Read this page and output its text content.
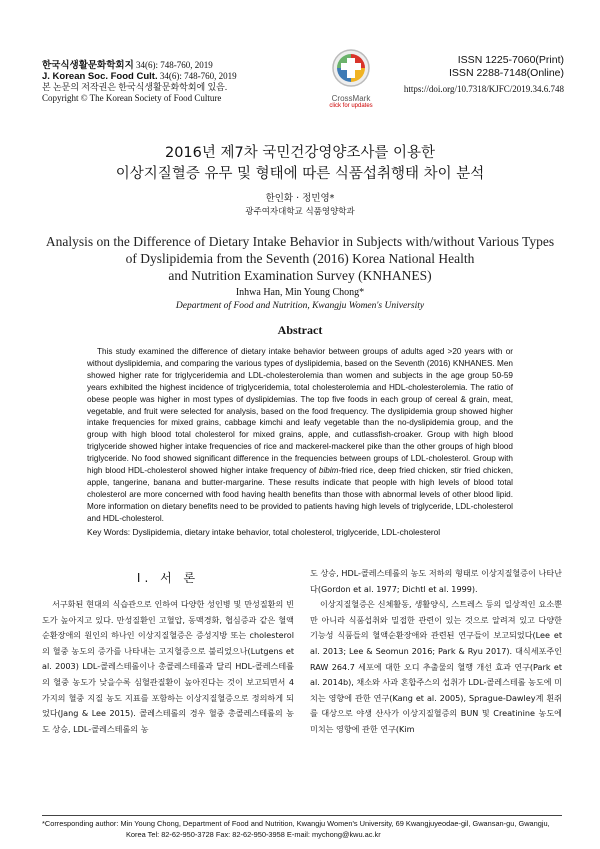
한국식생활문화학회지 34(6): 748-760, 2019
J. Korean Soc. Food Cult. 34(6): 748-760, 2019
본 논문의 저작권은 한국식생활문화학회에 있음.
Copyright © The Korean Society of Food Culture	CrossMark
click for updates
ISSN 1225-7060(Print)
ISSN 2288-7148(Online)
https://doi.org/10.7318/KJFC/2019.34.6.748
2016년 제7차 국민건강영양조사를 이용한
이상지질혈증 유무 및 형태에 따른 식품섭취행태 차이 분석
한인화 · 정민영*
광주여자대학교 식품영양학과
Analysis on the Difference of Dietary Intake Behavior in Subjects with/without Various Types
of Dyslipidemia from the Seventh (2016) Korea National Health
and Nutrition Examination Survey (KNHANES)
Inhwa Han, Min Young Chong*
Department of Food and Nutrition, Kwangju Women's University
Abstract
This study examined the difference of dietary intake behavior between groups of adults aged >20 years with or without dyslipidemia, and comparing the various types of dyslipidemia, based on the Seventh (2016) KNHANES. Men showed higher rate for triglyceridemia and LDL-cholesterolemia than women and subjects in the age group 50-59 years exhibited the highest incidence of triglyceridemia, total cholesterolemia and HDL-cholesterolemia. The ratio of obese people was higher in most types of dyslipidemias. The top five foods in each group of cereal & grain, meat, vegetable, and fruit were selected for analysis, based on the food frequency. The dyslipidemia group showed higher intake frequencies for mixed grains, cabbage kimchi and leafy vegetable than the no-dyslipidemia group, and the group with high blood total cholesterol for mixed grains, apple, and cutlassfish-croaker. Group with high blood triglyceride showed higher intake frequencies of rice and mackerel-mackerel pike than the other groups of high blood triglyceride. No food showed significant difference in the frequencies between groups of LDL-cholesterol. Group with high blood HDL-cholesterol showed higher intake frequency of bibim-fried rice, deep fried chicken, stir fried chicken, apple, tangerine, banana and butter-margarine. These results indicate that people with high levels of blood total cholesterol are more concerned with food having health benefits than those with abnormal levels of other blood lipid. More information on dietary benefits need to be provided to patients having high levels of triglyceride, LDL-cholesterol and HDL-cholesterol.
Key Words: Dyslipidemia, dietary intake behavior, total cholesterol, triglyceride, LDL-cholesterol
I. 서 론

서구화된 현대의 식습관으로 인하여 다양한 성인병 및 만성질환의 빈도가 높아지고 있다. 만성질환인 고혈압, 동맥경화, 협심증과 같은 혈액순환장애의 원인의 하나인 이상지질혈증은 증성지방 또는 cholesterol의 혈중 농도의 증가를 나타내는 고지혈증으로 불리었으나(Lutgens et al. 2003) LDL-콜레스테롤이나 총콜레스테롤과 달리 HDL-콜레스테롤의 혈중 농도가 낮을수록 심혈관질환이 높아진다는 것이 보고되면서 4가지의 혈중 지질 농도 지표를 포함하는 이상지질혈증으로 정의하게 되었다(Jang & Lee 2015). 콜레스테롤의 경우 혈중 총콜레스테롤의 농도 상승, LDL-콜레스테롤의 농

도 상승, HDL-콜레스테롤의 농도 저하의 형태로 이상지질혈증이 나타난다(Gordon et al. 1977; Dichtl et al. 1999).

이상지질혈증은 신체활동, 생활양식, 스트레스 등의 일상적인 요소뿐만 아니라 식품섭취와 밀접한 관련이 있는 것으로 알려져 있고 다양한 기능성 식품들의 혈액순환장애와 관련된 연구들이 보고되었다(Lee et al. 2013; Lee & Seomun 2016; Park & Ryu 2017). 대식세포주인 RAW 264.7 세포에 대한 오디 추출물의 혈행 개선 효과 연구(Park et al. 2014b), 채소와 사과 혼합주스의 섭취가 LDL-콜레스테롤 농도에 미치는 영향에 관한 연구(Kang et al. 2005), Sprague-Dawley계 흰쥐를 대상으로 야생 산사가 이상지질혈증의 BUN 및 Creatinine 농도에 미치는 영향에 관한 연구(Kim

*Corresponding author: Min Young Chong, Department of Food and Nutrition, Kwangju Women's University, 69 Kwangjuyeodae-gil, Gwansan-gu, Gwangju,
Korea Tel: 82-62-950-3728 Fax: 82-62-950-3958 E-mail: mychong@kwu.ac.kr
